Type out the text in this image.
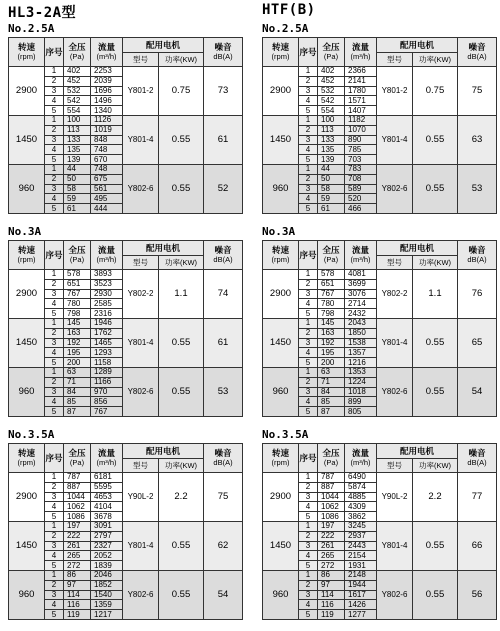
HL3-2A型
No.2.5A
转速
(rpm)	序号	全压
(Pa)	流量
(m³/h)	配用电机		噪音
dB(A)

				型号	功率(KW)	
2900	1	402	2253	Y801-2	0.75	73
	2	452	2039			
	3	532	1696			
	4	542	1496			
	5	554	1340			
1450	1	100	1126	Y801-4	0.55	61
	2	113	1019			
	3	133	848			
	4	135	748			
	5	139	670			
960	1	44	748	Y802-6	0.55	52
	2	50	675			
	3	58	561			
	4	59	495			
	5	61	444			
No.3A
转速
(rpm)	序号	全压
(Pa)	流量
(m³/h)	配用电机		噪音
dB(A)

				型号	功率(KW)	
2900	1	578	3893	Y802-2	1.1	74
	2	651	3523			
	3	767	2930			
	4	780	2585			
	5	798	2316			
1450	1	145	1946	Y801-4	0.55	61
	2	163	1762			
	3	192	1465			
	4	195	1293			
	5	200	1158			
960	1	63	1289	Y802-6	0.55	53
	2	71	1166			
	3	84	970			
	4	85	856			
	5	87	767			
No.3.5A
转速
(rpm)	序号	全压
(Pa)	流量
(m³/h)	配用电机		噪音
dB(A)

				型号	功率(KW)	
2900	1	787	6181	Y90L-2	2.2	75
	2	887	5595			
	3	1044	4653			
	4	1062	4104			
	5	1086	3678			
1450	1	197	3091	Y801-4	0.55	62
	2	222	2797			
	3	261	2327			
	4	265	2052			
	5	272	1839			
960	1	86	2046	Y802-6	0.55	54
	2	97	1852			
	3	114	1540			
	4	116	1359			
	5	119	1217			
HTF(B)
No.2.5A
转速
(rpm)	序号	全压
(Pa)	流量
(m³/h)	配用电机		噪音
dB(A)

				型号	功率(KW)	
2900	1	402	2366	Y801-2	0.75	75
	2	452	2141			
	3	532	1780			
	4	542	1571			
	5	554	1407			
1450	1	100	1182	Y801-4	0.55	63
	2	113	1070			
	3	133	890			
	4	135	785			
	5	139	703			
960	1	44	783	Y802-6	0.55	53
	2	50	708			
	3	58	589			
	4	59	520			
	5	61	466			
No.3A
转速
(rpm)	序号	全压
(Pa)	流量
(m³/h)	配用电机		噪音
dB(A)

				型号	功率(KW)	
2900	1	578	4081	Y802-2	1.1	76
	2	651	3699			
	3	767	3076			
	4	780	2714			
	5	798	2432			
1450	1	145	2043	Y801-4	0.55	65
	2	163	1850			
	3	192	1538			
	4	195	1357			
	5	200	1216			
960	1	63	1353	Y802-6	0.55	54
	2	71	1224			
	3	84	1018			
	4	85	899			
	5	87	805			
No.3.5A
转速
(rpm)	序号	全压
(Pa)	流量
(m³/h)	配用电机		噪音
dB(A)

				型号	功率(KW)	
2900	1	787	6490	Y90L-2	2.2	77
	2	887	5874			
	3	1044	4885			
	4	1062	4309			
	5	1086	3862			
1450	1	197	3245	Y801-4	0.55	66
	2	222	2937			
	3	261	2443			
	4	265	2154			
	5	272	1931			
960	1	86	2148	Y802-6	0.55	56
	2	97	1944			
	3	114	1617			
	4	116	1426			
	5	119	1277			
